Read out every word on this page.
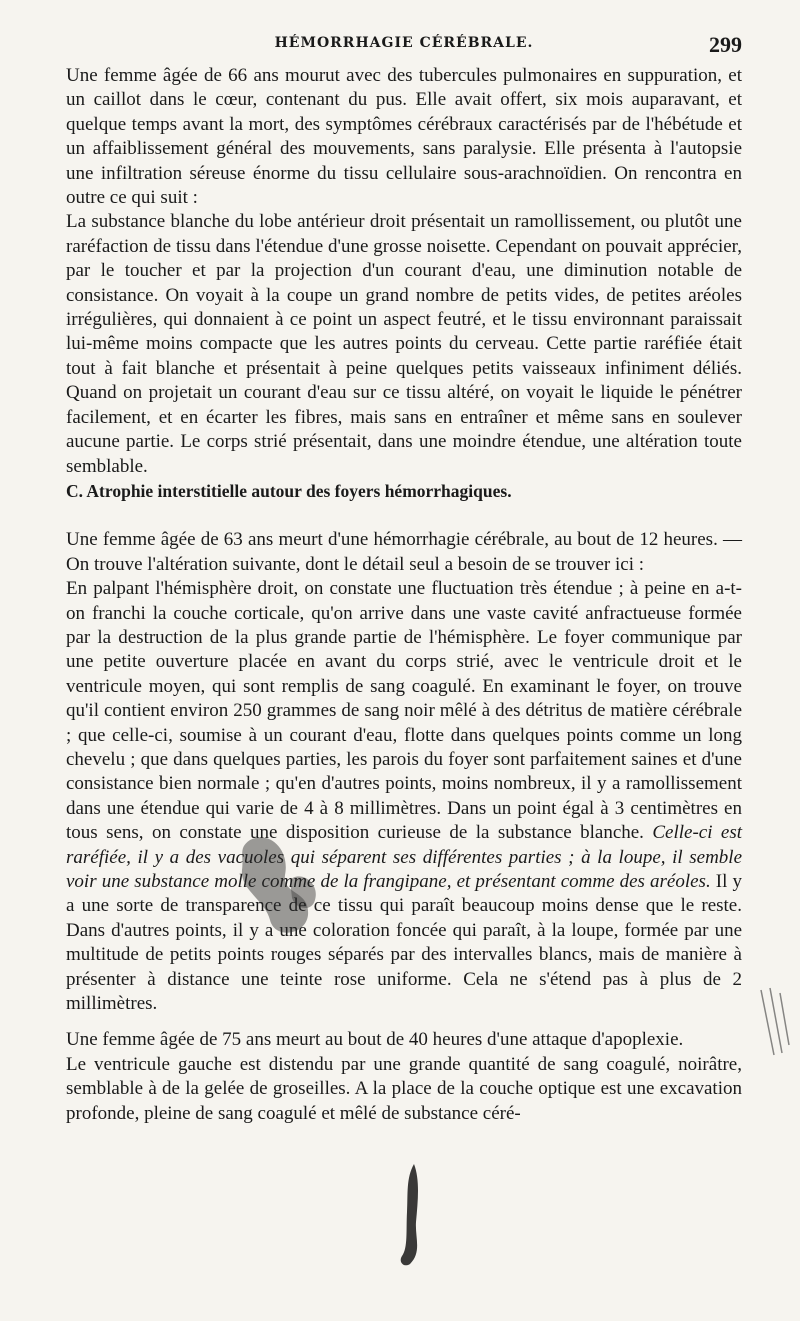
HÉMORRHAGIE CÉRÉBRALE.	299

Une femme âgée de 66 ans mourut avec des tubercules pulmonaires en suppuration, et un caillot dans le cœur, contenant du pus. Elle avait offert, six mois auparavant, et quelque temps avant la mort, des symptômes cérébraux caractérisés par de l'hébétude et un affaiblissement général des mouvements, sans paralysie. Elle présenta à l'autopsie une infiltration séreuse énorme du tissu cellulaire sous-arachnoïdien. On rencontra en outre ce qui suit :

La substance blanche du lobe antérieur droit présentait un ramollissement, ou plutôt une raréfaction de tissu dans l'étendue d'une grosse noisette. Cependant on pouvait apprécier, par le toucher et par la projection d'un courant d'eau, une diminution notable de consistance. On voyait à la coupe un grand nombre de petits vides, de petites aréoles irrégulières, qui donnaient à ce point un aspect feutré, et le tissu environnant paraissait lui-même moins compacte que les autres points du cerveau. Cette partie raréfiée était tout à fait blanche et présentait à peine quelques petits vaisseaux infiniment déliés. Quand on projetait un courant d'eau sur ce tissu altéré, on voyait le liquide le pénétrer facilement, et en écarter les fibres, mais sans en entraîner et même sans en soulever aucune partie. Le corps strié présentait, dans une moindre étendue, une altération toute semblable.

C. Atrophie interstitielle autour des foyers hémorrhagiques.

Une femme âgée de 63 ans meurt d'une hémorrhagie cérébrale, au bout de 12 heures. — On trouve l'altération suivante, dont le détail seul a besoin de se trouver ici :

En palpant l'hémisphère droit, on constate une fluctuation très étendue ; à peine en a-t-on franchi la couche corticale, qu'on arrive dans une vaste cavité anfractueuse formée par la destruction de la plus grande partie de l'hémisphère. Le foyer communique par une petite ouverture placée en avant du corps strié, avec le ventricule droit et le ventricule moyen, qui sont remplis de sang coagulé. En examinant le foyer, on trouve qu'il contient environ 250 grammes de sang noir mêlé à des détritus de matière cérébrale ; que celle-ci, soumise à un courant d'eau, flotte dans quelques points comme un long chevelu ; que dans quelques parties, les parois du foyer sont parfaitement saines et d'une consistance bien normale ; qu'en d'autres points, moins nombreux, il y a ramollissement dans une étendue qui varie de 4 à 8 millimètres. Dans un point égal à 3 centimètres en tous sens, on constate une disposition curieuse de la substance blanche. Celle-ci est raréfiée, il y a des vacuoles qui séparent ses différentes parties ; à la loupe, il semble voir une substance molle comme de la frangipane, et présentant comme des aréoles. Il y a une sorte de transparence de ce tissu qui paraît beaucoup moins dense que le reste. Dans d'autres points, il y a une coloration foncée qui paraît, à la loupe, formée par une multitude de petits points rouges séparés par des intervalles blancs, mais de manière à présenter à distance une teinte rose uniforme. Cela ne s'étend pas à plus de 2 millimètres.

Une femme âgée de 75 ans meurt au bout de 40 heures d'une attaque d'apoplexie.

Le ventricule gauche est distendu par une grande quantité de sang coagulé, noirâtre, semblable à de la gelée de groseilles. A la place de la couche optique est une excavation profonde, pleine de sang coagulé et mêlé de substance céré-
